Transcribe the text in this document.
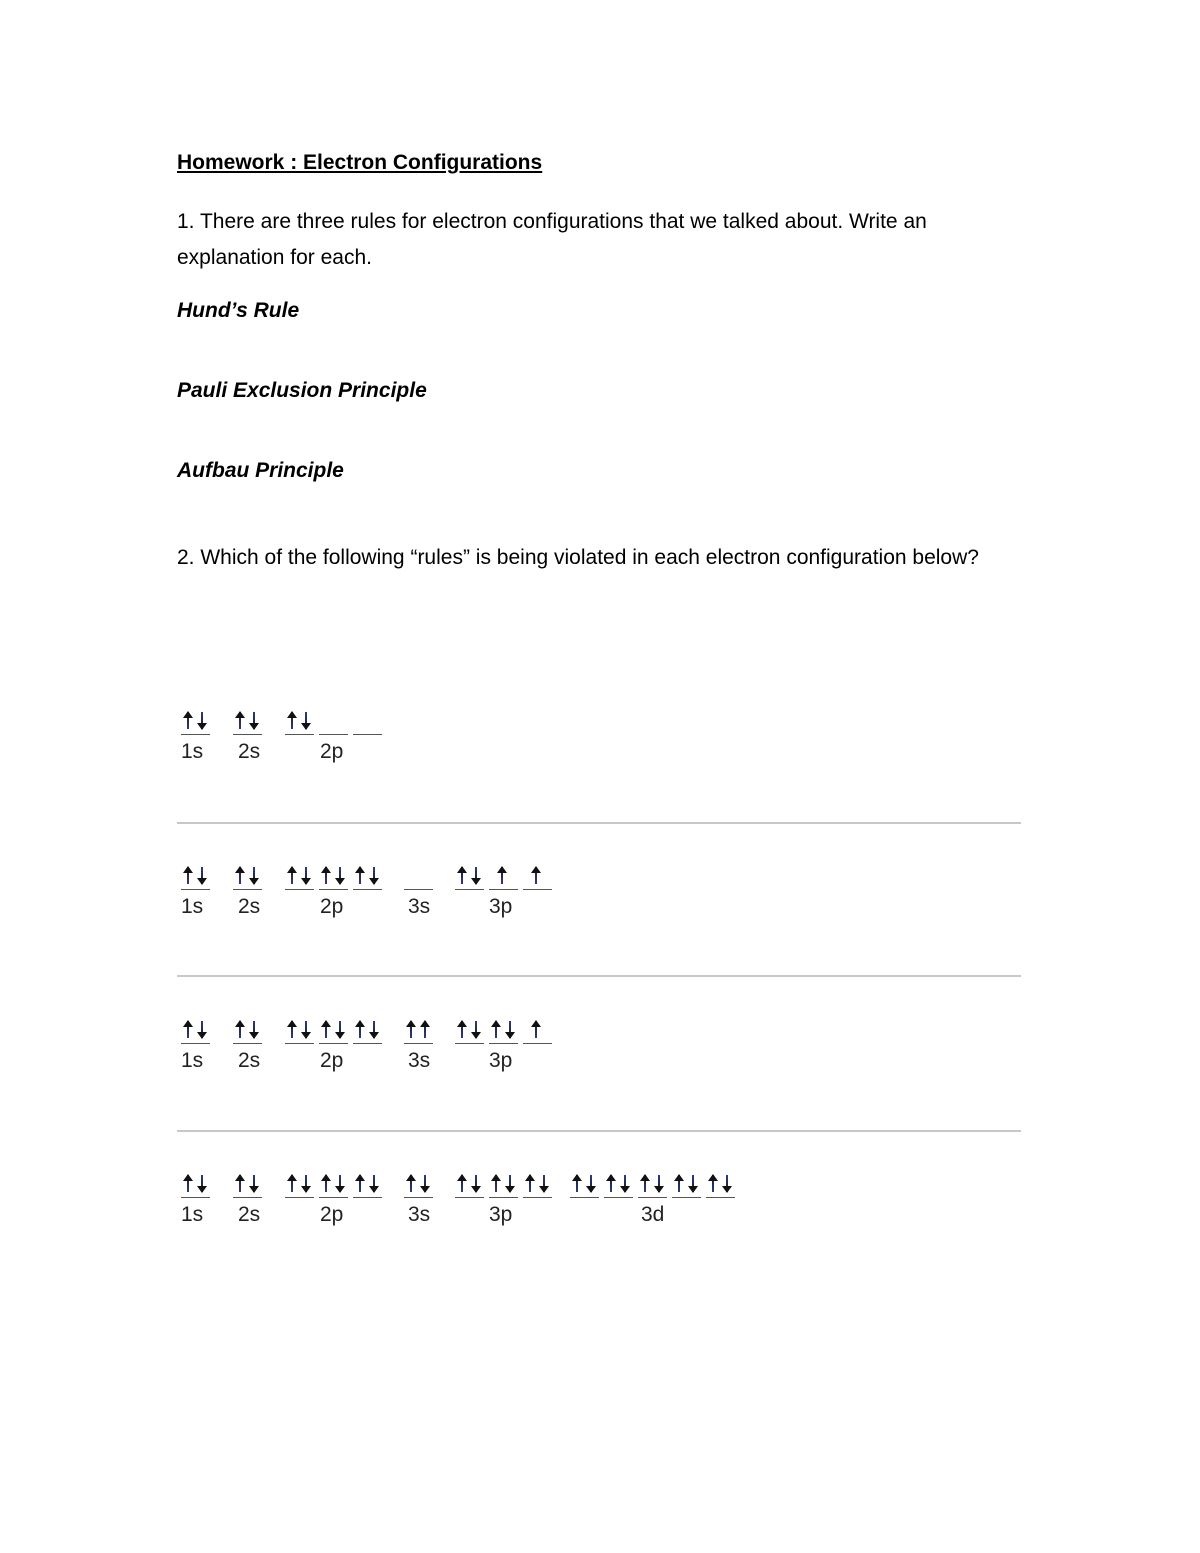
Homework : Electron Configurations
1. There are three rules for electron configurations that we talked about. Write an
explanation for each.
Hund’s Rule
Pauli Exclusion Principle
Aufbau Principle
2. Which of the following “rules” is being violated in each electron configuration below?
1s 2s	2p
1s 2s	2p	3s	3p
1s 2s	2p	3s	3p
1s 2s	2p	3s	3p	3d
